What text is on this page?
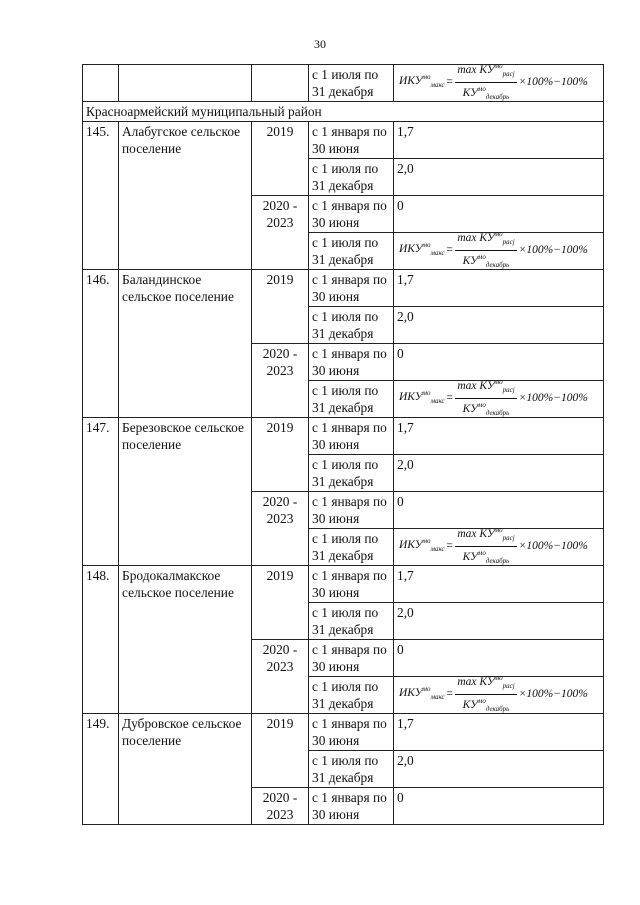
30
			с 1 июля по 31 декабря	$ИКУ^{мо}_{макс} = \frac{\max КУ^{мо}_{расj}}{КУ^{мо}_{декабрь}} \times 100\%-100\%$

Красноармейский муниципальный район				
145.	Алабугское сельское поселение	2019	с 1 января по 30 июня	1,7
			с 1 июля по 31 декабря	2,0
		2020 - 2023	с 1 января по 30 июня	0
			с 1 июля по 31 декабря	$ИКУ^{мо}_{макс} = \frac{\max КУ^{мо}_{расj}}{КУ^{мо}_{декабрь}} \times 100\%-100\%$

146.	Баландинское сельское поселение	2019	с 1 января по 30 июня	1,7
			с 1 июля по 31 декабря	2,0
		2020 - 2023	с 1 января по 30 июня	0
			с 1 июля по 31 декабря	$ИКУ^{мо}_{макс} = \frac{\max КУ^{мо}_{расj}}{КУ^{мо}_{декабрь}} \times 100\%-100\%$

147.	Березовское сельское поселение	2019	с 1 января по 30 июня	1,7
			с 1 июля по 31 декабря	2,0
		2020 - 2023	с 1 января по 30 июня	0
			с 1 июля по 31 декабря	$ИКУ^{мо}_{макс} = \frac{\max КУ^{мо}_{расj}}{КУ^{мо}_{декабрь}} \times 100\%-100\%$

148.	Бродокалмакское сельское поселение	2019	с 1 января по 30 июня	1,7
			с 1 июля по 31 декабря	2,0
		2020 - 2023	с 1 января по 30 июня	0
			с 1 июля по 31 декабря	$ИКУ^{мо}_{макс} = \frac{\max КУ^{мо}_{расj}}{КУ^{мо}_{декабрь}} \times 100\%-100\%$

149.	Дубровское сельское поселение	2019	с 1 января по 30 июня	1,7
			с 1 июля по 31 декабря	2,0
		2020 - 2023	с 1 января по 30 июня	0
